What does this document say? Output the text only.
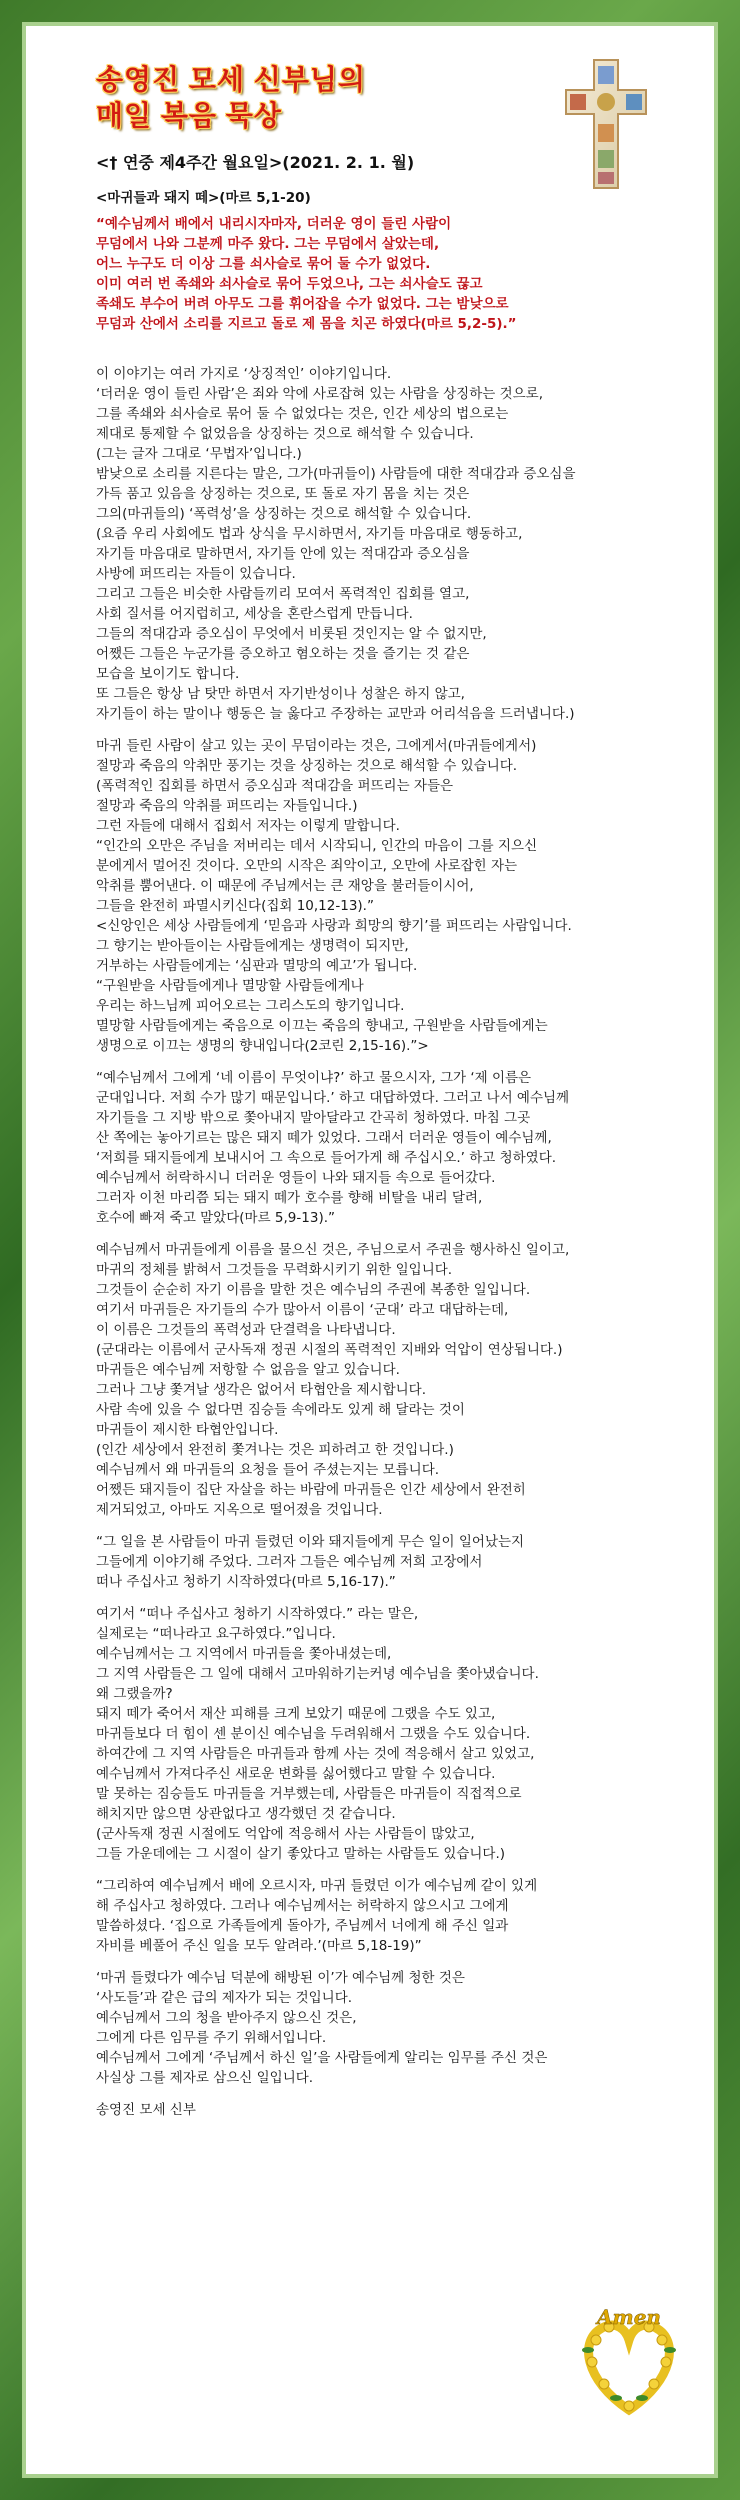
송영진 모세 신부님의
매일 복음 묵상
<† 연중 제4주간 월요일>(2021. 2. 1. 월)
<마귀들과 돼지 떼>(마르 5,1-20)

“예수님께서 배에서 내리시자마자, 더러운 영이 들린 사람이

무덤에서 나와 그분께 마주 왔다. 그는 무덤에서 살았는데,

어느 누구도 더 이상 그를 쇠사슬로 묶어 둘 수가 없었다.

이미 여러 번 족쇄와 쇠사슬로 묶어 두었으나, 그는 쇠사슬도 끊고

족쇄도 부수어 버려 아무도 그를 휘어잡을 수가 없었다. 그는 밤낮으로

무덤과 산에서 소리를 지르고 돌로 제 몸을 치곤 하였다(마르 5,2-5).”

이 이야기는 여러 가지로 ‘상징적인’ 이야기입니다.

‘더러운 영이 들린 사람’은 죄와 악에 사로잡혀 있는 사람을 상징하는 것으로,

그를 족쇄와 쇠사슬로 묶어 둘 수 없었다는 것은, 인간 세상의 법으로는

제대로 통제할 수 없었음을 상징하는 것으로 해석할 수 있습니다.

(그는 글자 그대로 ‘무법자’입니다.)

밤낮으로 소리를 지른다는 말은, 그가(마귀들이) 사람들에 대한 적대감과 증오심을

가득 품고 있음을 상징하는 것으로, 또 돌로 자기 몸을 치는 것은

그의(마귀들의) ‘폭력성’을 상징하는 것으로 해석할 수 있습니다.

(요즘 우리 사회에도 법과 상식을 무시하면서, 자기들 마음대로 행동하고,

자기들 마음대로 말하면서, 자기들 안에 있는 적대감과 증오심을

사방에 퍼뜨리는 자들이 있습니다.

그리고 그들은 비슷한 사람들끼리 모여서 폭력적인 집회를 열고,

사회 질서를 어지럽히고, 세상을 혼란스럽게 만듭니다.

그들의 적대감과 증오심이 무엇에서 비롯된 것인지는 알 수 없지만,

어쨌든 그들은 누군가를 증오하고 혐오하는 것을 즐기는 것 같은

모습을 보이기도 합니다.

또 그들은 항상 남 탓만 하면서 자기반성이나 성찰은 하지 않고,

자기들이 하는 말이나 행동은 늘 옳다고 주장하는 교만과 어리석음을 드러냅니다.)

마귀 들린 사람이 살고 있는 곳이 무덤이라는 것은, 그에게서(마귀들에게서)

절망과 죽음의 악취만 풍기는 것을 상징하는 것으로 해석할 수 있습니다.

(폭력적인 집회를 하면서 증오심과 적대감을 퍼뜨리는 자들은

절망과 죽음의 악취를 퍼뜨리는 자들입니다.)

그런 자들에 대해서 집회서 저자는 이렇게 말합니다.

“인간의 오만은 주님을 저버리는 데서 시작되니, 인간의 마음이 그를 지으신

분에게서 멀어진 것이다. 오만의 시작은 죄악이고, 오만에 사로잡힌 자는

악취를 뿜어낸다. 이 때문에 주님께서는 큰 재앙을 불러들이시어,

그들을 완전히 파멸시키신다(집회 10,12-13).”

<신앙인은 세상 사람들에게 ‘믿음과 사랑과 희망의 향기’를 퍼뜨리는 사람입니다.

그 향기는 받아들이는 사람들에게는 생명력이 되지만,

거부하는 사람들에게는 ‘심판과 멸망의 예고’가 됩니다.

“구원받을 사람들에게나 멸망할 사람들에게나

우리는 하느님께 피어오르는 그리스도의 향기입니다.

멸망할 사람들에게는 죽음으로 이끄는 죽음의 향내고, 구원받을 사람들에게는

생명으로 이끄는 생명의 향내입니다(2코린 2,15-16).”>

“예수님께서 그에게 ‘네 이름이 무엇이냐?’ 하고 물으시자, 그가 ‘제 이름은

군대입니다. 저희 수가 많기 때문입니다.’ 하고 대답하였다. 그러고 나서 예수님께

자기들을 그 지방 밖으로 쫓아내지 말아달라고 간곡히 청하였다. 마침 그곳

산 쪽에는 놓아기르는 많은 돼지 떼가 있었다. 그래서 더러운 영들이 예수님께,

‘저희를 돼지들에게 보내시어 그 속으로 들어가게 해 주십시오.’ 하고 청하였다.

예수님께서 허락하시니 더러운 영들이 나와 돼지들 속으로 들어갔다.

그러자 이천 마리쯤 되는 돼지 떼가 호수를 향해 비탈을 내리 달려,

호수에 빠져 죽고 말았다(마르 5,9-13).”

예수님께서 마귀들에게 이름을 물으신 것은, 주님으로서 주권을 행사하신 일이고,

마귀의 정체를 밝혀서 그것들을 무력화시키기 위한 일입니다.

그것들이 순순히 자기 이름을 말한 것은 예수님의 주권에 복종한 일입니다.

여기서 마귀들은 자기들의 수가 많아서 이름이 ‘군대’ 라고 대답하는데,

이 이름은 그것들의 폭력성과 단결력을 나타냅니다.

(군대라는 이름에서 군사독재 정권 시절의 폭력적인 지배와 억압이 연상됩니다.)

마귀들은 예수님께 저항할 수 없음을 알고 있습니다.

그러나 그냥 쫓겨날 생각은 없어서 타협안을 제시합니다.

사람 속에 있을 수 없다면 짐승들 속에라도 있게 해 달라는 것이

마귀들이 제시한 타협안입니다.

(인간 세상에서 완전히 쫓겨나는 것은 피하려고 한 것입니다.)

예수님께서 왜 마귀들의 요청을 들어 주셨는지는 모릅니다.

어쨌든 돼지들이 집단 자살을 하는 바람에 마귀들은 인간 세상에서 완전히

제거되었고, 아마도 지옥으로 떨어졌을 것입니다.

“그 일을 본 사람들이 마귀 들렸던 이와 돼지들에게 무슨 일이 일어났는지

그들에게 이야기해 주었다. 그러자 그들은 예수님께 저희 고장에서

떠나 주십사고 청하기 시작하였다(마르 5,16-17).”

여기서 “떠나 주십사고 청하기 시작하였다.” 라는 말은,

실제로는 “떠나라고 요구하였다.”입니다.

예수님께서는 그 지역에서 마귀들을 쫓아내셨는데,

그 지역 사람들은 그 일에 대해서 고마워하기는커녕 예수님을 쫓아냈습니다.

왜 그랬을까?

돼지 떼가 죽어서 재산 피해를 크게 보았기 때문에 그랬을 수도 있고,

마귀들보다 더 힘이 센 분이신 예수님을 두려워해서 그랬을 수도 있습니다.

하여간에 그 지역 사람들은 마귀들과 함께 사는 것에 적응해서 살고 있었고,

예수님께서 가져다주신 새로운 변화를 싫어했다고 말할 수 있습니다.

말 못하는 짐승들도 마귀들을 거부했는데, 사람들은 마귀들이 직접적으로

해치지만 않으면 상관없다고 생각했던 것 같습니다.

(군사독재 정권 시절에도 억압에 적응해서 사는 사람들이 많았고,

그들 가운데에는 그 시절이 살기 좋았다고 말하는 사람들도 있습니다.)

“그리하여 예수님께서 배에 오르시자, 마귀 들렸던 이가 예수님께 같이 있게

해 주십사고 청하였다. 그러나 예수님께서는 허락하지 않으시고 그에게

말씀하셨다. ‘집으로 가족들에게 돌아가, 주님께서 너에게 해 주신 일과

자비를 베풀어 주신 일을 모두 알려라.’(마르 5,18-19)”

‘마귀 들렸다가 예수님 덕분에 해방된 이’가 예수님께 청한 것은

‘사도들’과 같은 급의 제자가 되는 것입니다.

예수님께서 그의 청을 받아주지 않으신 것은,

그에게 다른 임무를 주기 위해서입니다.

예수님께서 그에게 ‘주님께서 하신 일’을 사람들에게 알리는 임무를 주신 것은

사실상 그를 제자로 삼으신 일입니다.

송영진 모세 신부
Amen
